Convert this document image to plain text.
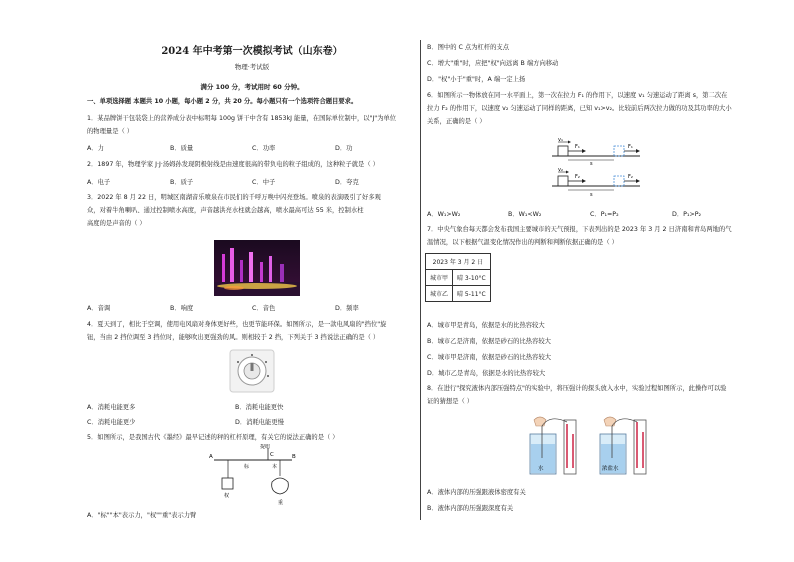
2024 年中考第一次模拟考试（山东卷）
物理·考试版
满分 100 分，考试用时 60 分钟。
一、单项选择题 本题共 10 小题，每小题 2 分，共 20 分。每小题只有一个选项符合题目要求。
1．某品牌饼干包装袋上的营养成分表中标明每 100g 饼干中含有 1853kJ 能量，在国际单位制中，以"J"为单位
的物理量是（ ）
A．力	B．质量	C．功率	D．功
2．1897 年，物理学家 J·J·汤姆孙发现阴极射线是由速度很高的带负电的粒子组成的，这种粒子就是（ ）
A．电子	B．质子	C．中子	D．夸克
3．2022 年 8 月 22 日，明城区南湖音乐喷泉在市民们的千呼万唤中闪亮登场。喷泉的表演吸引了好多观
众，对着牛角喇叭、通过控制喷水高度，声音越洪亮水柱就会越高，喷水最高可达 55 米，控制水柱
高度的是声音的（ ）
A．音调	B．响度	C．音色	D．频率
4．夏天到了，相比于空调，使用电风扇对身体更好些，也更节能环保。如图所示，是一款电风扇的"挡位"旋
钮，当由 2 挡位调至 3 挡位时，能够吹出更强劲的风。则相较于 2 挡，下列关于 3 挡说法正确的是（ ）
A．消耗电能更多	B．消耗电能更快
C．消耗电能更少	D．消耗电能更慢
5．如图所示，是我国古代《墨经》最早记述的秤的杠杆原理，有关它的说法正确的是（ ）
A	B
C
提纽
标	本
权
重
A．"标""本"表示力，"权""重"表示力臂
B．图中的 C 点为杠杆的支点
C．增大"重"时，应把"权"向远离 B 端方向移动
D．"权"小于"重"时，A 端一定上扬
6．如图所示一物体放在同一水平面上，第一次在拉力 F₁ 的作用下，以速度 v₁ 匀速运动了距离 s，第二次在
拉力 F₂ 的作用下，以速度 v₂ 匀速运动了同样的距离，已知 v₁>v₂。比较前后两次拉力做的功及其功率的大小
关系，正确的是（ ）
v₁
F₁	F₁
s
v₂
F₂	F₂
s
A．W₁>W₂	B．W₁<W₂	C．P₁=P₂	D．P₁>P₂
7．中央气象台每天都会发布我国主要城市的天气预报，下表列出的是 2023 年 3 月 2 日济南和青岛两地的气
温情况，以下根据气温变化情况作出的判断和判断依据正确的是（ ）
2023 年 3 月 2 日	
城市甲	晴 3-10°C
城市乙	晴 5-11°C
A．城市甲是青岛，依据是水的比热容较大
B．城市乙是济南，依据是砂石的比热容较大
C．城市甲是济南，依据是砂石的比热容较大
D．城市乙是青岛，依据是水的比热容较大
8．在进行"探究液体内部压强特点"的实验中，将压强计的探头放入水中，实验过程如图所示，此操作可以验
证的猜想是（ ）
水	浓盐水
A．液体内部的压强跟液体密度有关
B．液体内部的压强跟深度有关
